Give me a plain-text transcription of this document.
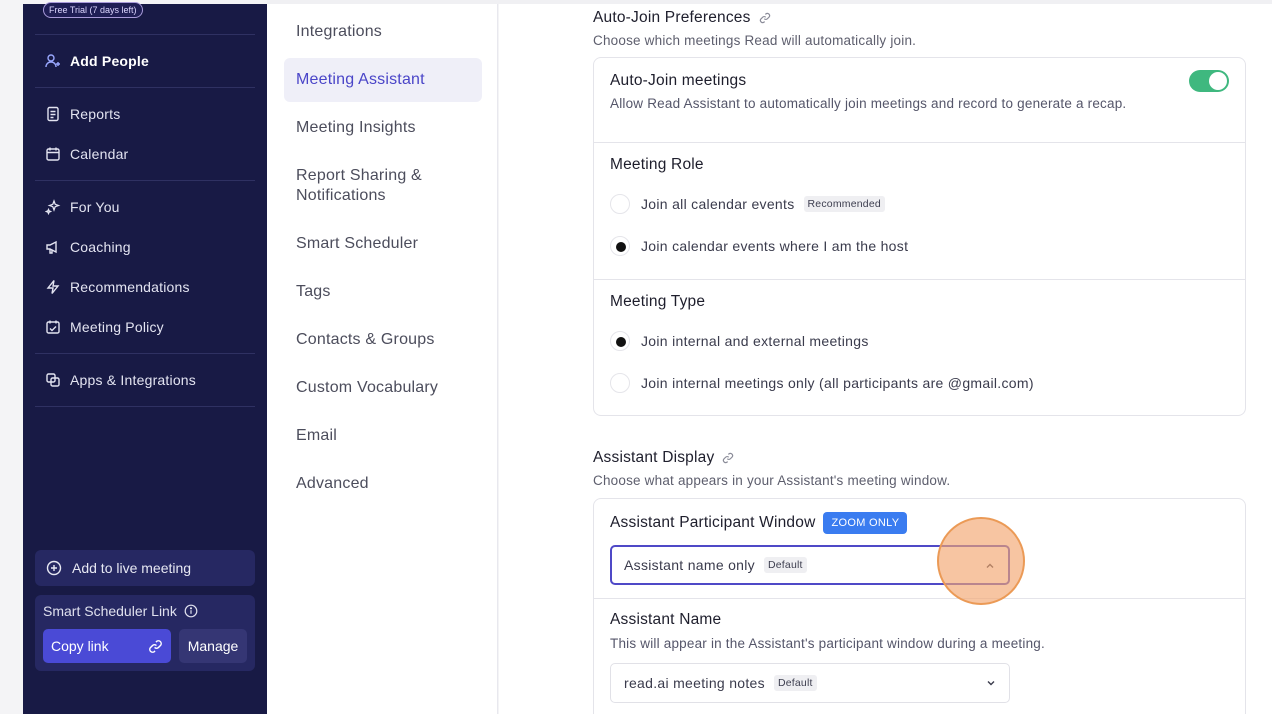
Free Trial (7 days left)
Add People
Reports
Calendar
For You
Coaching
Recommendations
Meeting Policy
Apps & Integrations
Add to live meeting
Smart Scheduler Link
Copy link	Manage
Integrations
Meeting Assistant
Meeting Insights
Report Sharing & Notifications
Smart Scheduler
Tags
Contacts & Groups
Custom Vocabulary
Email
Advanced
Auto-Join Preferences
Choose which meetings Read will automatically join.
Auto-Join meetings
Allow Read Assistant to automatically join meetings and record to generate a recap.
Meeting Role
Join all calendar events	Recommended
Join calendar events where I am the host
Meeting Type
Join internal and external meetings
Join internal meetings only (all participants are @gmail.com)
Assistant Display
Choose what appears in your Assistant's meeting window.
Assistant Participant Window	ZOOM ONLY
Assistant name only	Default
Assistant Name
This will appear in the Assistant's participant window during a meeting.
read.ai meeting notes	Default
